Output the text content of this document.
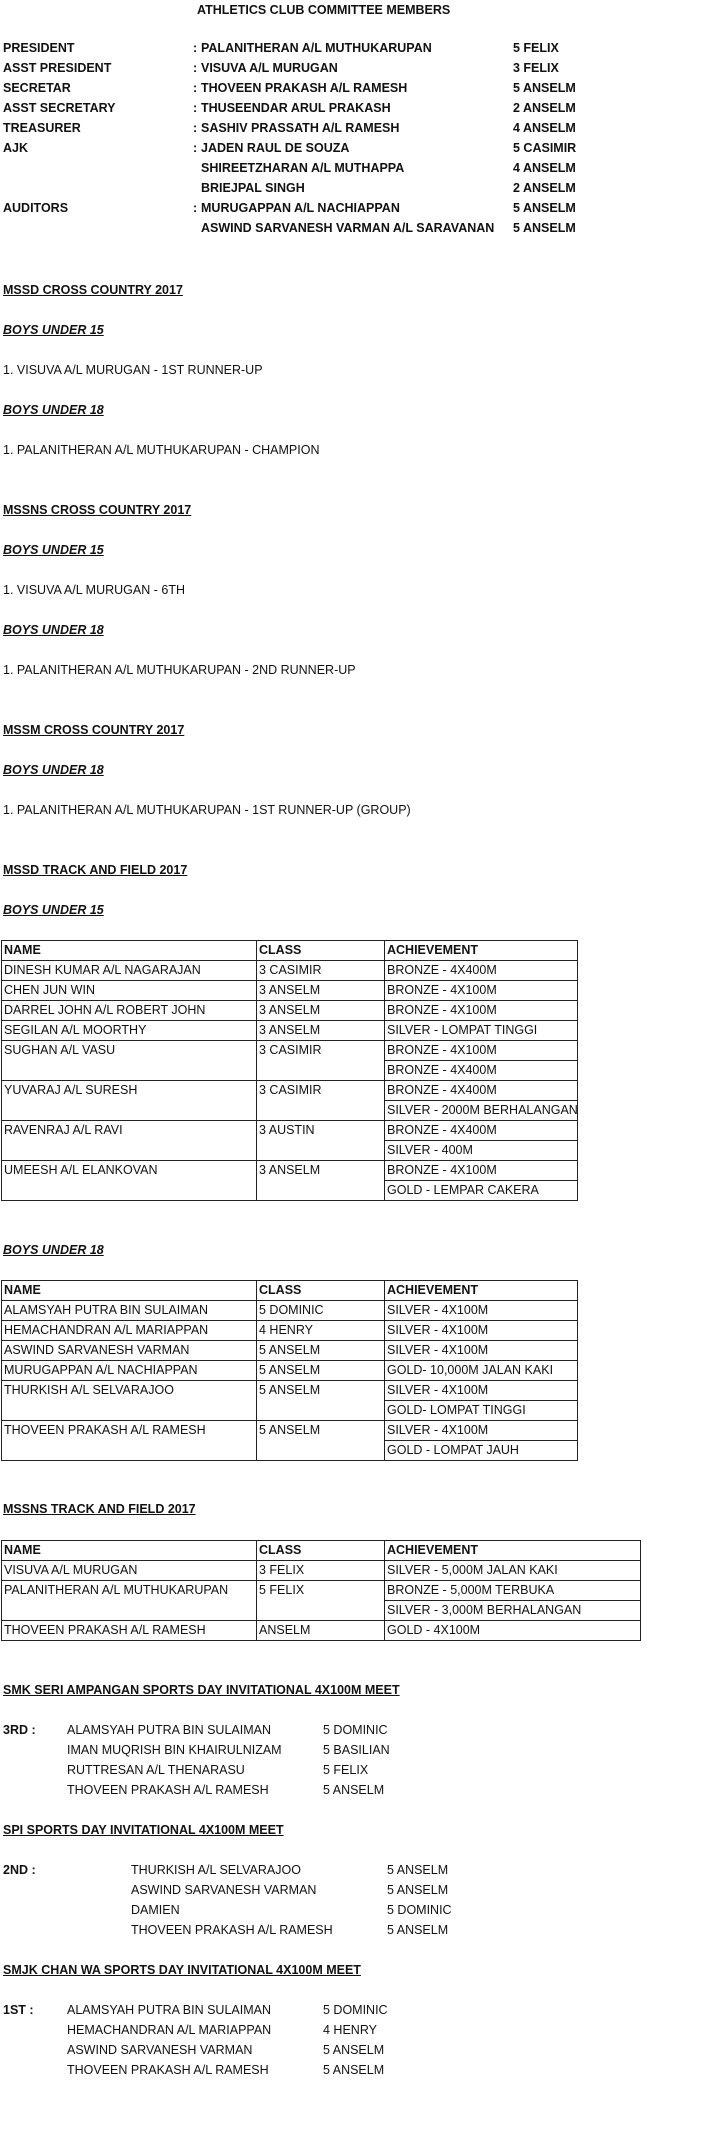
ATHLETICS CLUB COMMITTEE MEMBERS
PRESIDENT	: PALANITHERAN A/L MUTHUKARUPAN	5 FELIX
ASST PRESIDENT	: VISUVA A/L MURUGAN	3 FELIX
SECRETAR	: THOVEEN PRAKASH A/L RAMESH	5 ANSELM
ASST SECRETARY	: THUSEENDAR ARUL PRAKASH	2 ANSELM
TREASURER	: SASHIV PRASSATH A/L RAMESH	4 ANSELM
AJK	: JADEN RAUL DE SOUZA	5 CASIMIR
SHIREETZHARAN A/L MUTHAPPA	4 ANSELM
BRIEJPAL SINGH	2 ANSELM
AUDITORS	: MURUGAPPAN A/L NACHIAPPAN	5 ANSELM
ASWIND SARVANESH VARMAN A/L SARAVANAN 5 ANSELM
MSSD CROSS COUNTRY 2017
BOYS UNDER 15
1. VISUVA A/L MURUGAN - 1ST RUNNER-UP
BOYS UNDER 18
1. PALANITHERAN A/L MUTHUKARUPAN - CHAMPION
MSSNS CROSS COUNTRY 2017
BOYS UNDER 15
1. VISUVA A/L MURUGAN - 6TH
BOYS UNDER 18
1. PALANITHERAN A/L MUTHUKARUPAN - 2ND RUNNER-UP
MSSM CROSS COUNTRY 2017
BOYS UNDER 18
1. PALANITHERAN A/L MUTHUKARUPAN - 1ST RUNNER-UP (GROUP)
MSSD TRACK AND FIELD 2017
BOYS UNDER 15
NAME	CLASS	ACHIEVEMENT
DINESH KUMAR A/L NAGARAJAN	3 CASIMIR	BRONZE - 4X400M

CHEN JUN WIN	3 ANSELM	BRONZE - 4X100M

DARREL JOHN A/L ROBERT JOHN	3 ANSELM	BRONZE - 4X100M

SEGILAN A/L MOORTHY	3 ANSELM	SILVER - LOMPAT TINGGI

SUGHAN A/L VASU	3 CASIMIR	BRONZE - 4X100M
BRONZE - 4X400M

YUVARAJ A/L SURESH	3 CASIMIR	BRONZE - 4X400M
SILVER - 2000M BERHALANGAN

RAVENRAJ A/L RAVI	3 AUSTIN	BRONZE - 4X400M
SILVER - 400M

UMEESH A/L ELANKOVAN	3 ANSELM	BRONZE - 4X100M
GOLD - LEMPAR CAKERA
BOYS UNDER 18
NAME	CLASS	ACHIEVEMENT
ALAMSYAH PUTRA BIN SULAIMAN	5 DOMINIC	SILVER - 4X100M

HEMACHANDRAN A/L MARIAPPAN	4 HENRY	SILVER - 4X100M

ASWIND SARVANESH VARMAN	5 ANSELM	SILVER - 4X100M

MURUGAPPAN A/L NACHIAPPAN	5 ANSELM	GOLD- 10,000M JALAN KAKI

THURKISH A/L SELVARAJOO	5 ANSELM	SILVER - 4X100M
GOLD- LOMPAT TINGGI

THOVEEN PRAKASH A/L RAMESH	5 ANSELM	SILVER - 4X100M
GOLD - LOMPAT JAUH
MSSNS TRACK AND FIELD 2017
NAME	CLASS	ACHIEVEMENT
VISUVA A/L MURUGAN	3 FELIX	SILVER - 5,000M JALAN KAKI

PALANITHERAN A/L MUTHUKARUPAN	5 FELIX	BRONZE - 5,000M TERBUKA
SILVER - 3,000M BERHALANGAN

THOVEEN PRAKASH A/L RAMESH	ANSELM	GOLD - 4X100M
SMK SERI AMPANGAN SPORTS DAY INVITATIONAL 4X100M MEET
3RD :	ALAMSYAH PUTRA BIN SULAIMAN	5 DOMINIC
IMAN MUQRISH BIN KHAIRULNIZAM	5 BASILIAN
RUTTRESAN A/L THENARASU	5 FELIX
THOVEEN PRAKASH A/L RAMESH	5 ANSELM
SPI SPORTS DAY INVITATIONAL 4X100M MEET
2ND :	THURKISH A/L SELVARAJOO	5 ANSELM
ASWIND SARVANESH VARMAN	5 ANSELM
DAMIEN	5 DOMINIC
THOVEEN PRAKASH A/L RAMESH	5 ANSELM
SMJK CHAN WA SPORTS DAY INVITATIONAL 4X100M MEET
1ST :	ALAMSYAH PUTRA BIN SULAIMAN	5 DOMINIC
HEMACHANDRAN A/L MARIAPPAN	4 HENRY
ASWIND SARVANESH VARMAN	5 ANSELM
THOVEEN PRAKASH A/L RAMESH	5 ANSELM
